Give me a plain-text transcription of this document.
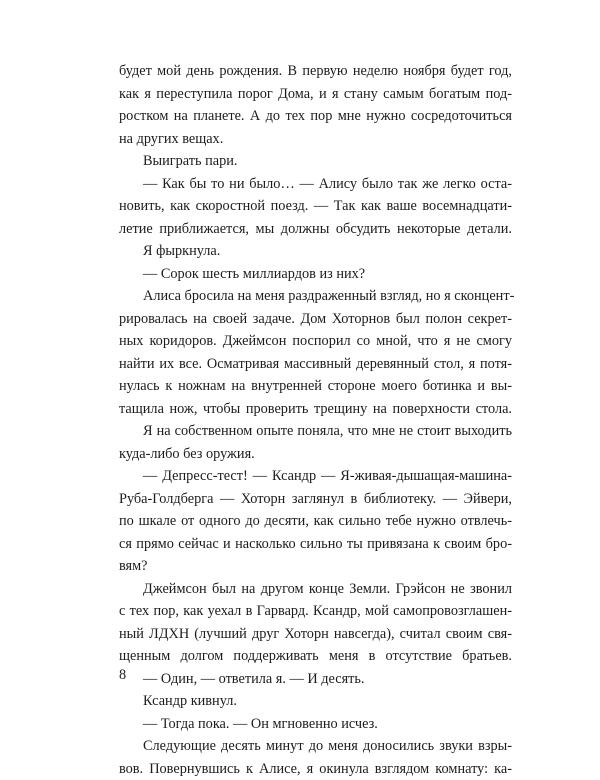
будет мой день рождения. В первую неделю ноября будет год,
как я переступила порог Дома, и я стану самым богатым под-
ростком на планете. А до тех пор мне нужно сосредоточиться
на других вещах.
Выиграть пари.
— Как бы то ни было… — Алису было так же легко оста-
новить, как скоростной поезд. — Так как ваше восемнадцати-
летие приближается, мы должны обсудить некоторые детали.
Я фыркнула.
— Сорок шесть миллиардов из них?
Алиса бросила на меня раздраженный взгляд, но я сконцент-
рировалась на своей задаче. Дом Хоторнов был полон секрет-
ных коридоров. Джеймсон поспорил со мной, что я не смогу
найти их все. Осматривая массивный деревянный стол, я потя-
нулась к ножнам на внутренней стороне моего ботинка и вы-
тащила нож, чтобы проверить трещину на поверхности стола.
Я на собственном опыте поняла, что мне не стоит выходить
куда-либо без оружия.
— Депресс-тест! — Ксандр — Я-живая-дышащая-машина-
Руба-Голдберга — Хоторн заглянул в библиотеку. — Эйвери,
по шкале от одного до десяти, как сильно тебе нужно отвлечь-
ся прямо сейчас и насколько сильно ты привязана к своим бро-
вям?
Джеймсон был на другом конце Земли. Грэйсон не звонил
с тех пор, как уехал в Гарвард. Ксандр, мой самопровозглашен-
ный ЛДХН (лучший друг Хоторн навсегда), считал своим свя-
щенным долгом поддерживать меня в отсутствие братьев.
— Один, — ответила я. — И десять.
Ксандр кивнул.
— Тогда пока. — Он мгновенно исчез.
Следующие десять минут до меня доносились звуки взры-
вов. Повернувшись к Алисе, я окинула взглядом комнату: ка-
8
